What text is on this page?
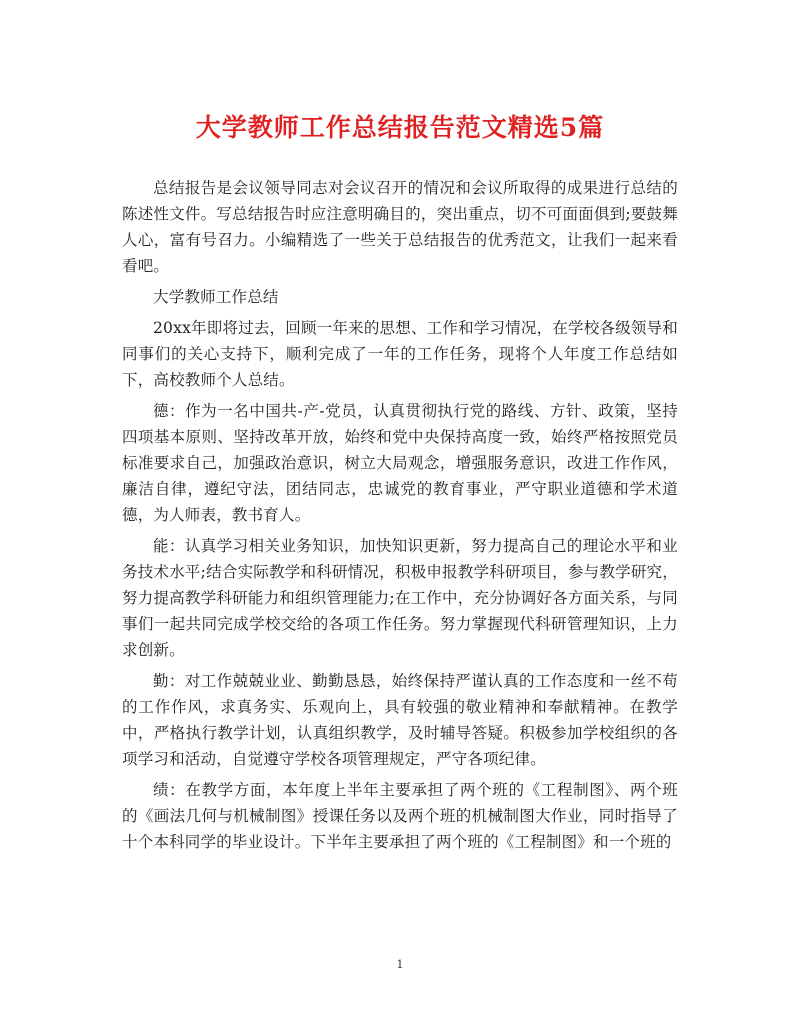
大学教师工作总结报告范文精选5篇

总结报告是会议领导同志对会议召开的情况和会议所取得的成果进行总结的陈述性文件。写总结报告时应注意明确目的，突出重点，切不可面面俱到;要鼓舞人心，富有号召力。小编精选了一些关于总结报告的优秀范文，让我们一起来看看吧。

大学教师工作总结

20xx年即将过去，回顾一年来的思想、工作和学习情况，在学校各级领导和同事们的关心支持下，顺利完成了一年的工作任务，现将个人年度工作总结如下，高校教师个人总结。

德：作为一名中国共-产-党员，认真贯彻执行党的路线、方针、政策，坚持四项基本原则、坚持改革开放，始终和党中央保持高度一致，始终严格按照党员标准要求自己，加强政治意识，树立大局观念，增强服务意识，改进工作作风，廉洁自律，遵纪守法，团结同志，忠诚党的教育事业，严守职业道德和学术道德，为人师表，教书育人。

能：认真学习相关业务知识，加快知识更新，努力提高自己的理论水平和业务技术水平;结合实际教学和科研情况，积极申报教学科研项目，参与教学研究，努力提高教学科研能力和组织管理能力;在工作中，充分协调好各方面关系，与同事们一起共同完成学校交给的各项工作任务。努力掌握现代科研管理知识，上力求创新。

勤：对工作兢兢业业、勤勤恳恳，始终保持严谨认真的工作态度和一丝不苟的工作作风，求真务实、乐观向上，具有较强的敬业精神和奉献精神。在教学中，严格执行教学计划，认真组织教学，及时辅导答疑。积极参加学校组织的各项学习和活动，自觉遵守学校各项管理规定，严守各项纪律。

绩：在教学方面，本年度上半年主要承担了两个班的《工程制图》、两个班的《画法几何与机械制图》授课任务以及两个班的机械制图大作业，同时指导了十个本科同学的毕业设计。下半年主要承担了两个班的《工程制图》和一个班的

1
